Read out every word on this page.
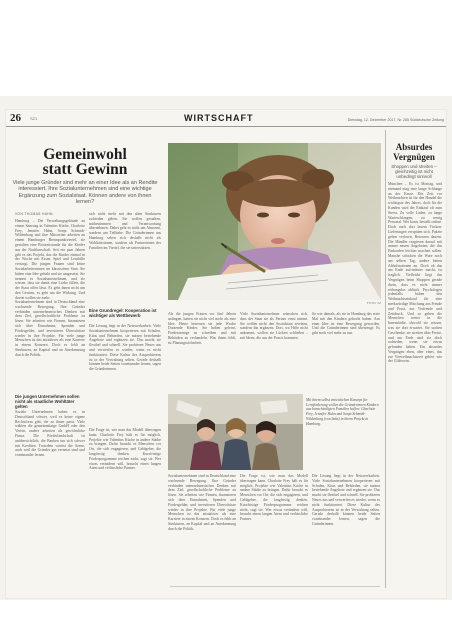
26 SZ1	WIRTSCHAFT	Dienstag, 12. Dezember 2017, Nr. 285 Süddeutsche Zeitung
Gemeinwohl
statt Gewinn
Viele junge Gründer sind mehr an einer Idee als an Rendite interessiert. Ihre Sozialunternehmen sind eine wichtige Ergänzung zum Sozialstaat. Können andere von ihnen lernen?
VON THOMAS HAHN
Hamburg – Die Verwaltungsgebäude an einem Samstag in Valentins Küche. Charlotte Frey, Jennifer Hahn, Sonja Schmidt-Wildenburg und ihre Mitstreiter arbeiten an einem Hamburger Brennpunktviertel, sie gestalten eine Brotzeitstunde für die Kinder aus der Nachbarschaft. Seit ein paar Jahren gibt es das Projekt, das die Kinder einmal in der Woche mit Essen, Spiel und Lernhilfe versorgt. Die jungen Frauen sind keine Sozialarbeiterinnen im klassischen Sinn. Sie haben eine Idee gehabt und sie umgesetzt. Sie nennen es Sozialunternehmen, und sie wissen, dass sie damit eine Lücke füllen, die der Staat offen lässt. Es geht ihnen nicht um den Gewinn, es geht um die Wirkung. Und davon wollen sie mehr.
Sozialunternehmen sind in Deutschland eine wachsende Bewegung. Ihre Gründer verbinden unternehmerisches Denken mit dem Ziel, gesellschaftliche Probleme zu lösen. Sie arbeiten wie Firmen, finanzieren sich über Einnahmen, Spenden und Fördergelder, und investieren Überschüsse wieder in ihre Projekte. Für viele junge Menschen ist das attraktiver als eine Karriere in einem Konzern. Doch es fehlt an Strukturen, an Kapital und an Anerkennung durch die Politik.
Die jungen Unternehmen sollen nicht als staatliche Wohltäter gelten
Soziale Unternehmen haben es in Deutschland schwer, weil es keine eigene Rechtsform gibt, die zu ihnen passt. Viele wählen die gemeinnützige GmbH oder den Verein, andere arbeiten als gewöhnliche Firma. Die Förderlandschaft ist unübersichtlich, die Banken tun sich schwer mit Krediten. Trotzdem wächst die Szene, auch weil die Gründer gut vernetzt sind und voneinander lernen.
sich nicht mehr mit den alten Strukturen zufrieden geben. Sie wollen gestalten, mitbestimmen und Verantwortung übernehmen. Dabei geht es nicht um Almosen, sondern um Teilhabe. Die Gründerinnen aus Hamburg sehen sich deshalb nicht als Wohltäterinnen, sondern als Partnerinnen der Familien im Viertel, die sie unterstützen.
Eine Grundregel: Kooperation ist wichtiger als Wettbewerb
Die Lösung liegt in der Netzwerkarbeit. Viele Sozialunternehmen kooperieren mit Schulen, Kitas und Behörden, sie nutzen bestehende Angebote und ergänzen sie. Das macht sie flexibel und schnell. Sie probieren Neues aus und verwerfen es wieder, wenn es nicht funktioniert. Diese Kultur des Ausprobierens ist in der Verwaltung selten. Gerade deshalb können beide Seiten voneinander lernen, sagen die Gründerinnen.
Die Frage ist, wie man das Modell übertragen kann. Charlotte Frey hält es für möglich, Projekte wie Valentins Küche in andere Städte zu bringen. Dafür braucht es Menschen vor Ort, die sich engagieren, und Geldgeber, die langfristig denken. Kurzfristige Förderprogramme reichen nicht, sagt sie. Wer etwas verändern will, braucht einen langen Atem und verlässliche Partner.
FOTO: SZ
Als die jungen Frauen vor fünf Jahren anfingen, hatten sie nicht viel mehr als eine Idee. Heute betreuen sie jede Woche Dutzende Kinder. Sie haben gelernt, Förderanträge zu schreiben und mit Behörden zu verhandeln. Was ihnen fehlt, ist Planungssicherheit.
Viele Sozialunternehmer wünschen sich, dass der Staat sie als Partner ernst nimmt. Sie wollen nicht den Sozialstaat ersetzen, sondern ihn ergänzen. Dort, wo Hilfe nicht ankommt, wollen sie Lücken schließen – mit Ideen, die aus der Praxis kommen.
So wie damals, als sie in Hamburg das erste Mal mit den Kindern gekocht haben. Aus einer Idee ist eine Bewegung geworden. Und die Gründerinnen sind überzeugt: Es gibt noch viel mehr zu tun.
Mit ihrem selbst entwickelten Konzept für Lernförderung wollen die Gründerinnen Kindern aus benachteiligten Familien helfen: Charlotte Frey, Jennifer Hahn und Sonja Schmidt-Wildenburg (von links) in ihrem Projekt in Hamburg.
Sozialunternehmen sind in Deutschland eine wachsende Bewegung. Ihre Gründer verbinden unternehmerisches Denken mit dem Ziel, gesellschaftliche Probleme zu lösen. Sie arbeiten wie Firmen, finanzieren sich über Einnahmen, Spenden und Fördergelder, und investieren Überschüsse wieder in ihre Projekte. Für viele junge Menschen ist das attraktiver als eine Karriere in einem Konzern. Doch es fehlt an Strukturen, an Kapital und an Anerkennung durch die Politik.
Die Frage ist, wie man das Modell übertragen kann. Charlotte Frey hält es für möglich, Projekte wie Valentins Küche in andere Städte zu bringen. Dafür braucht es Menschen vor Ort, die sich engagieren, und Geldgeber, die langfristig denken. Kurzfristige Förderprogramme reichen nicht, sagt sie. Wer etwas verändern will, braucht einen langen Atem und verlässliche Partner.
Die Lösung liegt in der Netzwerkarbeit. Viele Sozialunternehmen kooperieren mit Schulen, Kitas und Behörden, sie nutzen bestehende Angebote und ergänzen sie. Das macht sie flexibel und schnell. Sie probieren Neues aus und verwerfen es wieder, wenn es nicht funktioniert. Diese Kultur des Ausprobierens ist in der Verwaltung selten. Gerade deshalb können beide Seiten voneinander lernen, sagen die Gründerinnen.
Absurdes
Vergnügen
Shoppen und streiten – gleichzeitig ist nicht unbedingt sinnvoll
München – Es ist Montag, und niemand mag eine lange Schlange an der Kasse. Die Zeit vor Weihnachten ist für den Handel die wichtigste des Jahres, doch für die Kunden wird der Einkauf oft zum Stress. Zu volle Läden, zu lange Warteschlangen, zu wenig Personal. Wer kann, bestellt online. Doch auch dort lauern Tücken: Lieferungen verspäten sich, Pakete gehen verloren, Retouren dauern. Die Händler reagieren darauf mit immer neuen Angeboten, die das Einkaufen leichter machen sollen. Manche schicken die Ware noch am selben Tag, andere bieten Abholstationen an. Doch ob das am Ende zufriedener macht, ist fraglich. Vielleicht liegt das Vergnügen beim Shoppen gerade darin, dass es nicht immer reibungslos abläuft. Psychologen jedenfalls halten den Weihnachtseinkauf für eine merkwürdige Mischung aus Freude und Frust, aus Vorfreude und Zeitdruck. Und so gehen die Menschen weiter in die Innenstädte, obwohl sie wissen, was sie dort erwartet. Sie suchen Geschenke, sie streiten über Preise, und am Ende sind sie doch zufrieden, wenn sie etwas gefunden haben. Ein absurdes Vergnügen eben, aber eines, das zur Vorweihnachtszeit gehört wie der Glühwein.
